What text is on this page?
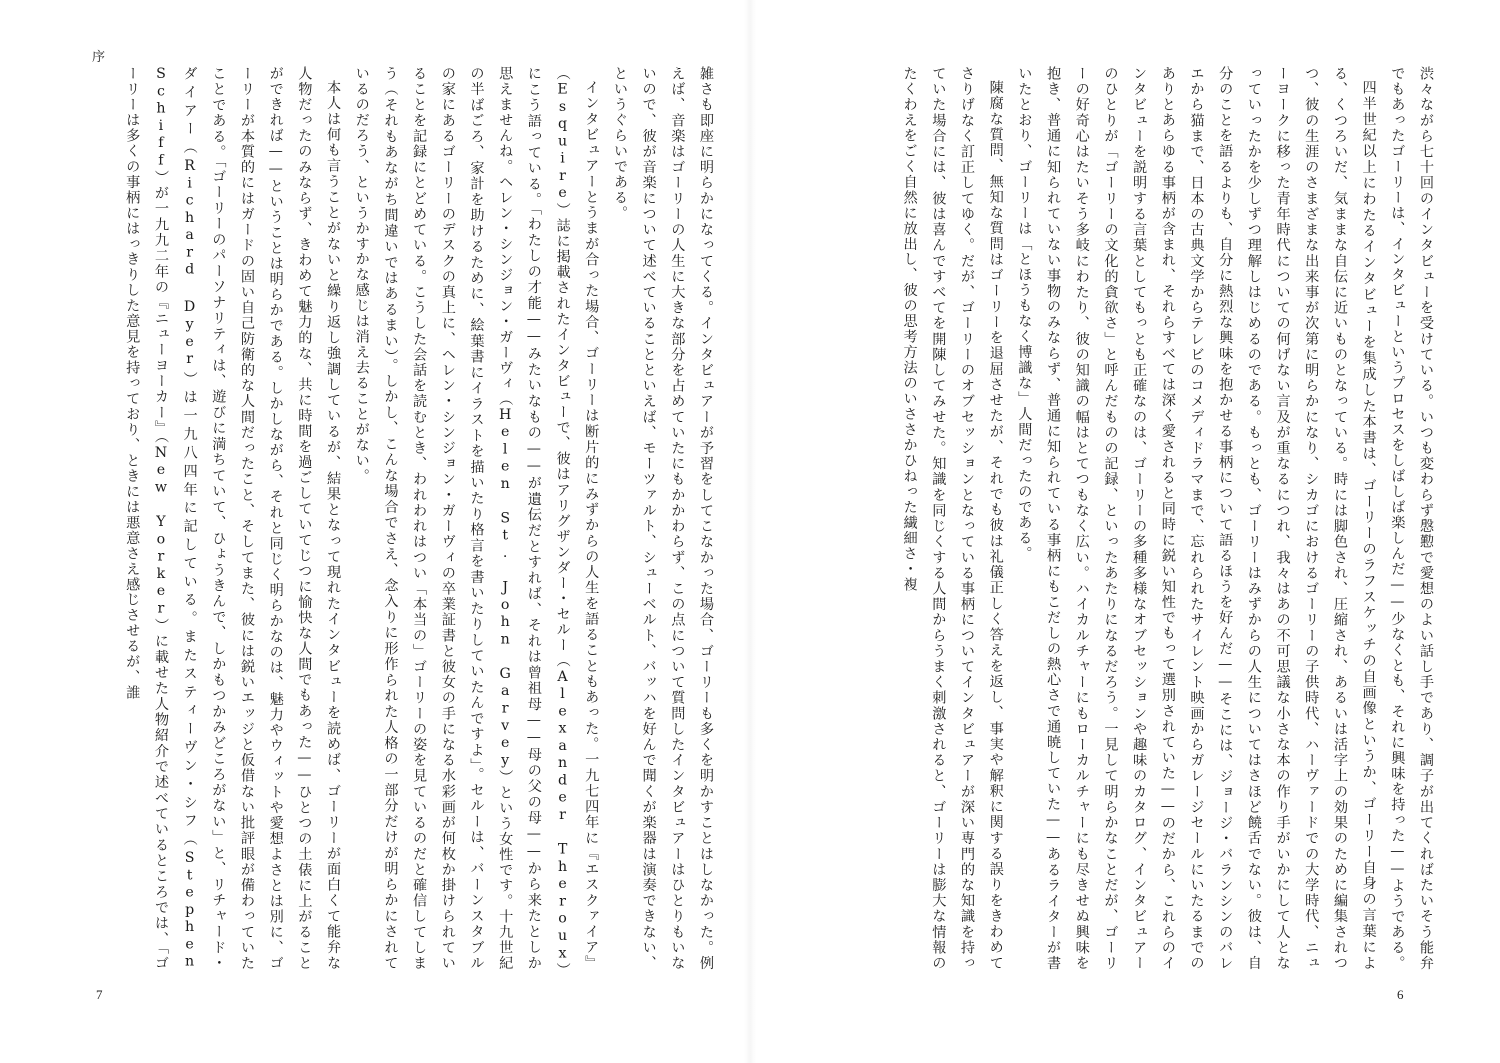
序

雑さも即座に明らかになってくる。インタビュアーが予習をしてこなかった場合、ゴーリーも多くを明かすことはしなかった。例えば、音楽はゴーリーの人生に大きな部分を占めていたにもかかわらず、この点について質問したインタビュアーはひとりもいないので、彼が音楽について述べていることといえば、モーツァルト、シューベルト、バッハを好んで聞くが楽器は演奏できない、というぐらいである。

インタビュアーとうまが合った場合、ゴーリーは断片的にみずからの人生を語ることもあった。一九七四年に『エスクァイア』（Esquire）誌に掲載されたインタビューで、彼はアリグザンダー・セルー（Alexander Theroux）にこう語っている。「わたしの才能——みたいなもの——が遺伝だとすれば、それは曾祖母——母の父の母——から来たとしか思えませんね。ヘレン・シンジョン・ガーヴィ（Helen St. John Garvey）という女性です。十九世紀の半ばごろ、家計を助けるために、絵葉書にイラストを描いたり格言を書いたりしていたんですよ」。セルーは、バーンスタブルの家にあるゴーリーのデスクの真上に、ヘレン・シンジョン・ガーヴィの卒業証書と彼女の手になる水彩画が何枚か掛けられていることを記録にとどめている。こうした会話を読むとき、われわれはつい「本当の」ゴーリーの姿を見ているのだと確信してしまう（それもあながち間違いではあるまい）。しかし、こんな場合でさえ、念入りに形作られた人格の一部分だけが明らかにされているのだろう、というかすかな感じは消え去ることがない。

本人は何も言うことがないと繰り返し強調しているが、結果となって現れたインタビューを読めば、ゴーリーが面白くて能弁な人物だったのみならず、きわめて魅力的な、共に時間を過ごしていてじつに愉快な人間でもあった——ひとつの土俵に上がることができれば——ということは明らかである。しかしながら、それと同じく明らかなのは、魅力やウィットや愛想よさとは別に、ゴーリーが本質的にはガードの固い自己防衛的な人間だったこと、そしてまた、彼には鋭いエッジと仮借ない批評眼が備わっていたことである。「ゴーリーのパーソナリティは、遊びに満ちていて、ひょうきんで、しかもつかみどころがない」と、リチャード・ダイアー（Richard Dyer）は一九八四年に記している。またスティーヴン・シフ（Stephen Schiff）が一九九二年の『ニューヨーカー』（New Yorker）に載せた人物紹介で述べているところでは、「ゴーリーは多くの事柄にはっきりした意見を持っており、ときには悪意さえ感じさせるが、誰

7

渋々ながら七十回のインタビューを受けている。いつも変わらず慇懃で愛想のよい話し手であり、調子が出てくればたいそう能弁でもあったゴーリーは、インタビューというプロセスをしばしば楽しんだ——少なくとも、それに興味を持った——ようである。

四半世紀以上にわたるインタビューを集成した本書は、ゴーリーのラフスケッチの自画像というか、ゴーリー自身の言葉による、くつろいだ、気ままな自伝に近いものとなっている。時には脚色され、圧縮され、あるいは活字上の効果のために編集されつつ、彼の生涯のさまざまな出来事が次第に明らかになり、シカゴにおけるゴーリーの子供時代、ハーヴァードでの大学時代、ニューヨークに移った青年時代についての何げない言及が重なるにつれ、我々はあの不可思議な小さな本の作り手がいかにして人となっていったかを少しずつ理解しはじめるのである。もっとも、ゴーリーはみずからの人生についてはさほど饒舌でない。彼は、自分のことを語るよりも、自分に熱烈な興味を抱かせる事柄について語るほうを好んだ——そこには、ジョージ・バランシンのバレエから猫まで、日本の古典文学からテレビのコメディドラマまで、忘れられたサイレント映画からガレージセールにいたるまでのありとあらゆる事柄が含まれ、それらすべては深く愛されると同時に鋭い知性でもって選別されていた——のだから、これらのインタビューを説明する言葉としてもっとも正確なのは、ゴーリーの多種多様なオブセッションや趣味のカタログ、インタビュアーのひとりが「ゴーリーの文化的貪欲さ」と呼んだものの記録、といったあたりになるだろう。一見して明らかなことだが、ゴーリーの好奇心はたいそう多岐にわたり、彼の知識の幅はとてつもなく広い。ハイカルチャーにもローカルチャーにも尽きせぬ興味を抱き、普通に知られていない事物のみならず、普通に知られている事柄にもこだしの熱心さで通暁していた——あるライターが書いたとおり、ゴーリーは「とほうもなく博識な」人間だったのである。

陳腐な質問、無知な質問はゴーリーを退屈させたが、それでも彼は礼儀正しく答えを返し、事実や解釈に関する誤りをきわめてさりげなく訂正してゆく。だが、ゴーリーのオブセッションとなっている事柄についてインタビュアーが深い専門的な知識を持っていた場合には、彼は喜んですべてを開陳してみせた。知識を同じくする人間からうまく刺激されると、ゴーリーは膨大な情報のたくわえをごく自然に放出し、彼の思考方法のいささかひねった繊細さ・複

6
